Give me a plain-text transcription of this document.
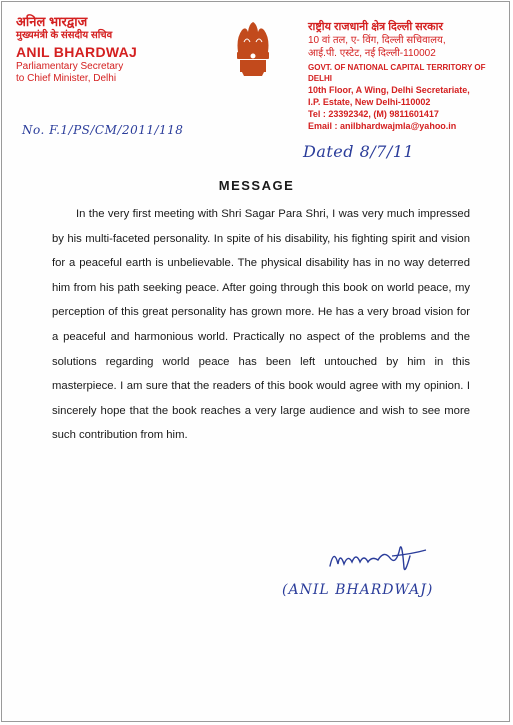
अनिल भारद्वाज
मुख्यमंत्री के संसदीय सचिव
ANIL BHARDWAJ
Parliamentary Secretary
to Chief Minister, Delhi
राष्ट्रीय राजधानी क्षेत्र दिल्ली सरकार
10 वां तल, ए- विंग, दिल्ली सचिवालय,
आई.पी. एस्टेट, नई दिल्ली-110002
GOVT. OF NATIONAL CAPITAL TERRITORY OF DELHI
10th Floor, A Wing, Delhi Secretariate,
I.P. Estate, New Delhi-110002
Tel : 23392342, (M) 9811601417
Email : anilbhardwajmla@yahoo.in
No. F.1/PS/CM/2011/118
Dated 8/7/11
MESSAGE

In the very first meeting with Shri Sagar Para Shri, I was very much impressed by his multi-faceted personality. In spite of his disability, his fighting spirit and vision for a peaceful earth is unbelievable. The physical disability has in no way deterred him from his path seeking peace. After going through this book on world peace, my perception of this great personality has grown more. He has a very broad vision for a peaceful and harmonious world. Practically no aspect of the problems and the solutions regarding world peace has been left untouched by him in this masterpiece. I am sure that the readers of this book would agree with my opinion. I sincerely hope that the book reaches a very large audience and wish to see more such contribution from him.

(ANIL BHARDWAJ)
